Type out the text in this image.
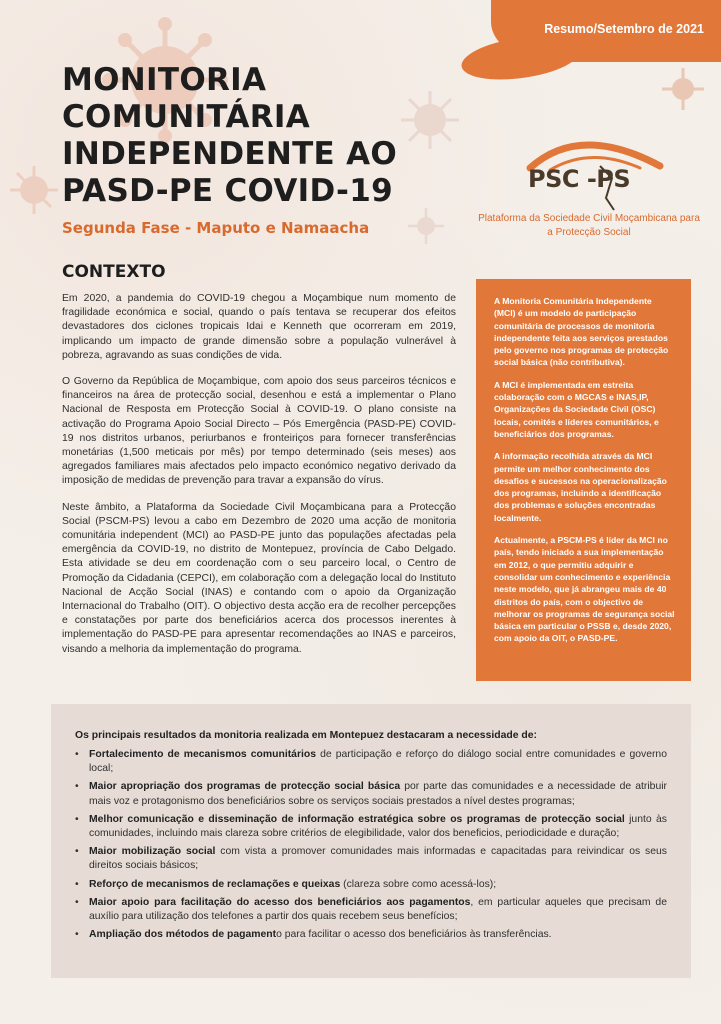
Resumo/Setembro de 2021
MONITORIA
COMUNITÁRIA
INDEPENDENTE AO
PASD-PE COVID-19
Segunda Fase - Maputo e Namaacha
PSC -PS
Plataforma da Sociedade Civil Moçambicana para a Protecção Social
CONTEXTO

Em 2020, a pandemia do COVID-19 chegou a Moçambique num momento de fragilidade económica e social, quando o país tentava se recuperar dos efeitos devastadores dos ciclones tropicais Idai e Kenneth que ocorreram em 2019, implicando um impacto de grande dimensão sobre a população vulnerável à pobreza, agravando as suas condições de vida.

O Governo da República de Moçambique, com apoio dos seus parceiros técnicos e financeiros na área de protecção social, desenhou e está a implementar o Plano Nacional de Resposta em Protecção Social à COVID-19. O plano consiste na activação do Programa Apoio Social Directo – Pós Emergência (PASD-PE) COVID-19 nos distritos urbanos, periurbanos e fronteiriços para fornecer transferências monetárias (1,500 meticais por mês) por tempo determinado (seis meses) aos agregados familiares mais afectados pelo impacto económico negativo derivado da imposição de medidas de prevenção para travar a expansão do vírus.

Neste âmbito, a Plataforma da Sociedade Civil Moçambicana para a Protecção Social (PSCM-PS) levou a cabo em Dezembro de 2020 uma acção de monitoria comunitária independent (MCI) ao PASD-PE junto das populações afectadas pela emergência da COVID-19, no distrito de Montepuez, província de Cabo Delgado. Esta atividade se deu em coordenação com o seu parceiro local, o Centro de Promoção da Cidadania (CEPCI), em colaboração com a delegação local do Instituto Nacional de Acção Social (INAS) e contando com o apoio da Organização Internacional do Trabalho (OIT). O objectivo desta acção era de recolher percepções e constatações por parte dos beneficiários acerca dos processos inerentes à implementação do PASD-PE para apresentar recomendações ao INAS e parceiros, visando a melhoria da implementação do programa.

A Monitoria Comunitária Independente (MCI) é um modelo de participação comunitária de processos de monitoria independente feita aos serviços prestados pelo governo nos programas de protecção social básica (não contributiva).

A MCI é implementada em estreita colaboração com o MGCAS e INAS,IP, Organizações da Sociedade Civil (OSC) locais, comités e líderes comunitários, e beneficiários dos programas.

A informação recolhida através da MCI permite um melhor conhecimento dos desafios e sucessos na operacionalização dos programas, incluindo a identificação dos problemas e soluções encontradas localmente.

Actualmente, a PSCM-PS é líder da MCI no país, tendo iniciado a sua implementação em 2012, o que permitiu adquirir e consolidar um conhecimento e experiência neste modelo, que já abrangeu mais de 40 distritos do país, com o objectivo de melhorar os programas de segurança social básica em particular o PSSB e, desde 2020, com apoio da OIT, o PASD-PE.

Os principais resultados da monitoria realizada em Montepuez destacaram a necessidade de:

• Fortalecimento de mecanismos comunitários de participação e reforço do diálogo social entre comunidades e governo local;
• Maior apropriação dos programas de protecção social básica por parte das comunidades e a necessidade de atribuir mais voz e protagonismo dos beneficiários sobre os serviços sociais prestados a nível destes programas;
• Melhor comunicação e disseminação de informação estratégica sobre os programas de protecção social junto às comunidades, incluindo mais clareza sobre critérios de elegibilidade, valor dos beneficios, periodicidade e duração;
• Maior mobilização social com vista a promover comunidades mais informadas e capacitadas para reivindicar os seus direitos sociais básicos;
• Reforço de mecanismos de reclamações e queixas (clareza sobre como acessá-los);
• Maior apoio para facilitação do acesso dos beneficiários aos pagamentos, em particular aqueles que precisam de auxílio para utilização dos telefones a partir dos quais recebem seus benefícios;
• Ampliação dos métodos de pagamento para facilitar o acesso dos beneficiários às transferências.
